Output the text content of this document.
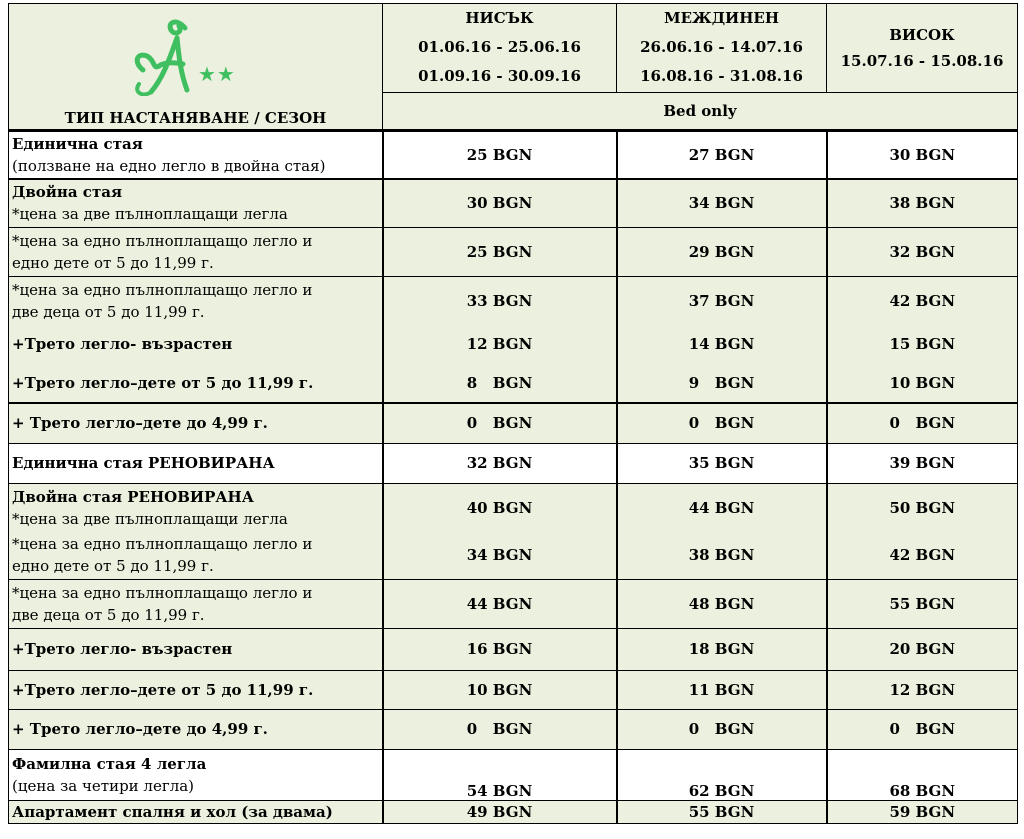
★★	НИСЪК
01.06.16 - 25.06.16
01.09.16 - 30.09.16	МЕЖДИНЕН
26.06.16 - 14.07.16
16.08.16 - 31.08.16	ВИСОК
15.07.16 - 15.08.16

ТИП НАСТАНЯВАНЕ / СЕЗОН	Bed only		
Единична стая
(ползване на едно легло в двойна стая)	25 BGN	27 BGN	30 BGN

Двойна стая
*цена за две пълноплащащи легла	30 BGN	34 BGN	38 BGN

*цена за едно пълноплащащо легло и
едно дете от 5 до 11,99 г.	25 BGN	29 BGN	32 BGN

*цена за едно пълноплащащо легло и
две деца от 5 до 11,99 г.	33 BGN	37 BGN	42 BGN

+Трето легло- възрастен	12 BGN	14 BGN	15 BGN

+Трето легло–дете от 5 до 11,99 г.	8   BGN	9   BGN	10 BGN

+ Трето легло–дете до 4,99 г.	0   BGN	0   BGN	0   BGN

Единична стая РЕНОВИРАНА	32 BGN	35 BGN	39 BGN

Двойна стая РЕНОВИРАНА
*цена за две пълноплащащи легла	40 BGN	44 BGN	50 BGN

*цена за едно пълноплащащо легло и
едно дете от 5 до 11,99 г.	34 BGN	38 BGN	42 BGN

*цена за едно пълноплащащо легло и
две деца от 5 до 11,99 г.	44 BGN	48 BGN	55 BGN

+Трето легло- възрастен	16 BGN	18 BGN	20 BGN

+Трето легло–дете от 5 до 11,99 г.	10 BGN	11 BGN	12 BGN

+ Трето легло–дете до 4,99 г.	0   BGN	0   BGN	0   BGN

Фамилна стая 4 легла
(цена за четири легла)	54 BGN	62 BGN	68 BGN

Апартамент спалня и хол (за двама)	49 BGN	55 BGN	59 BGN
